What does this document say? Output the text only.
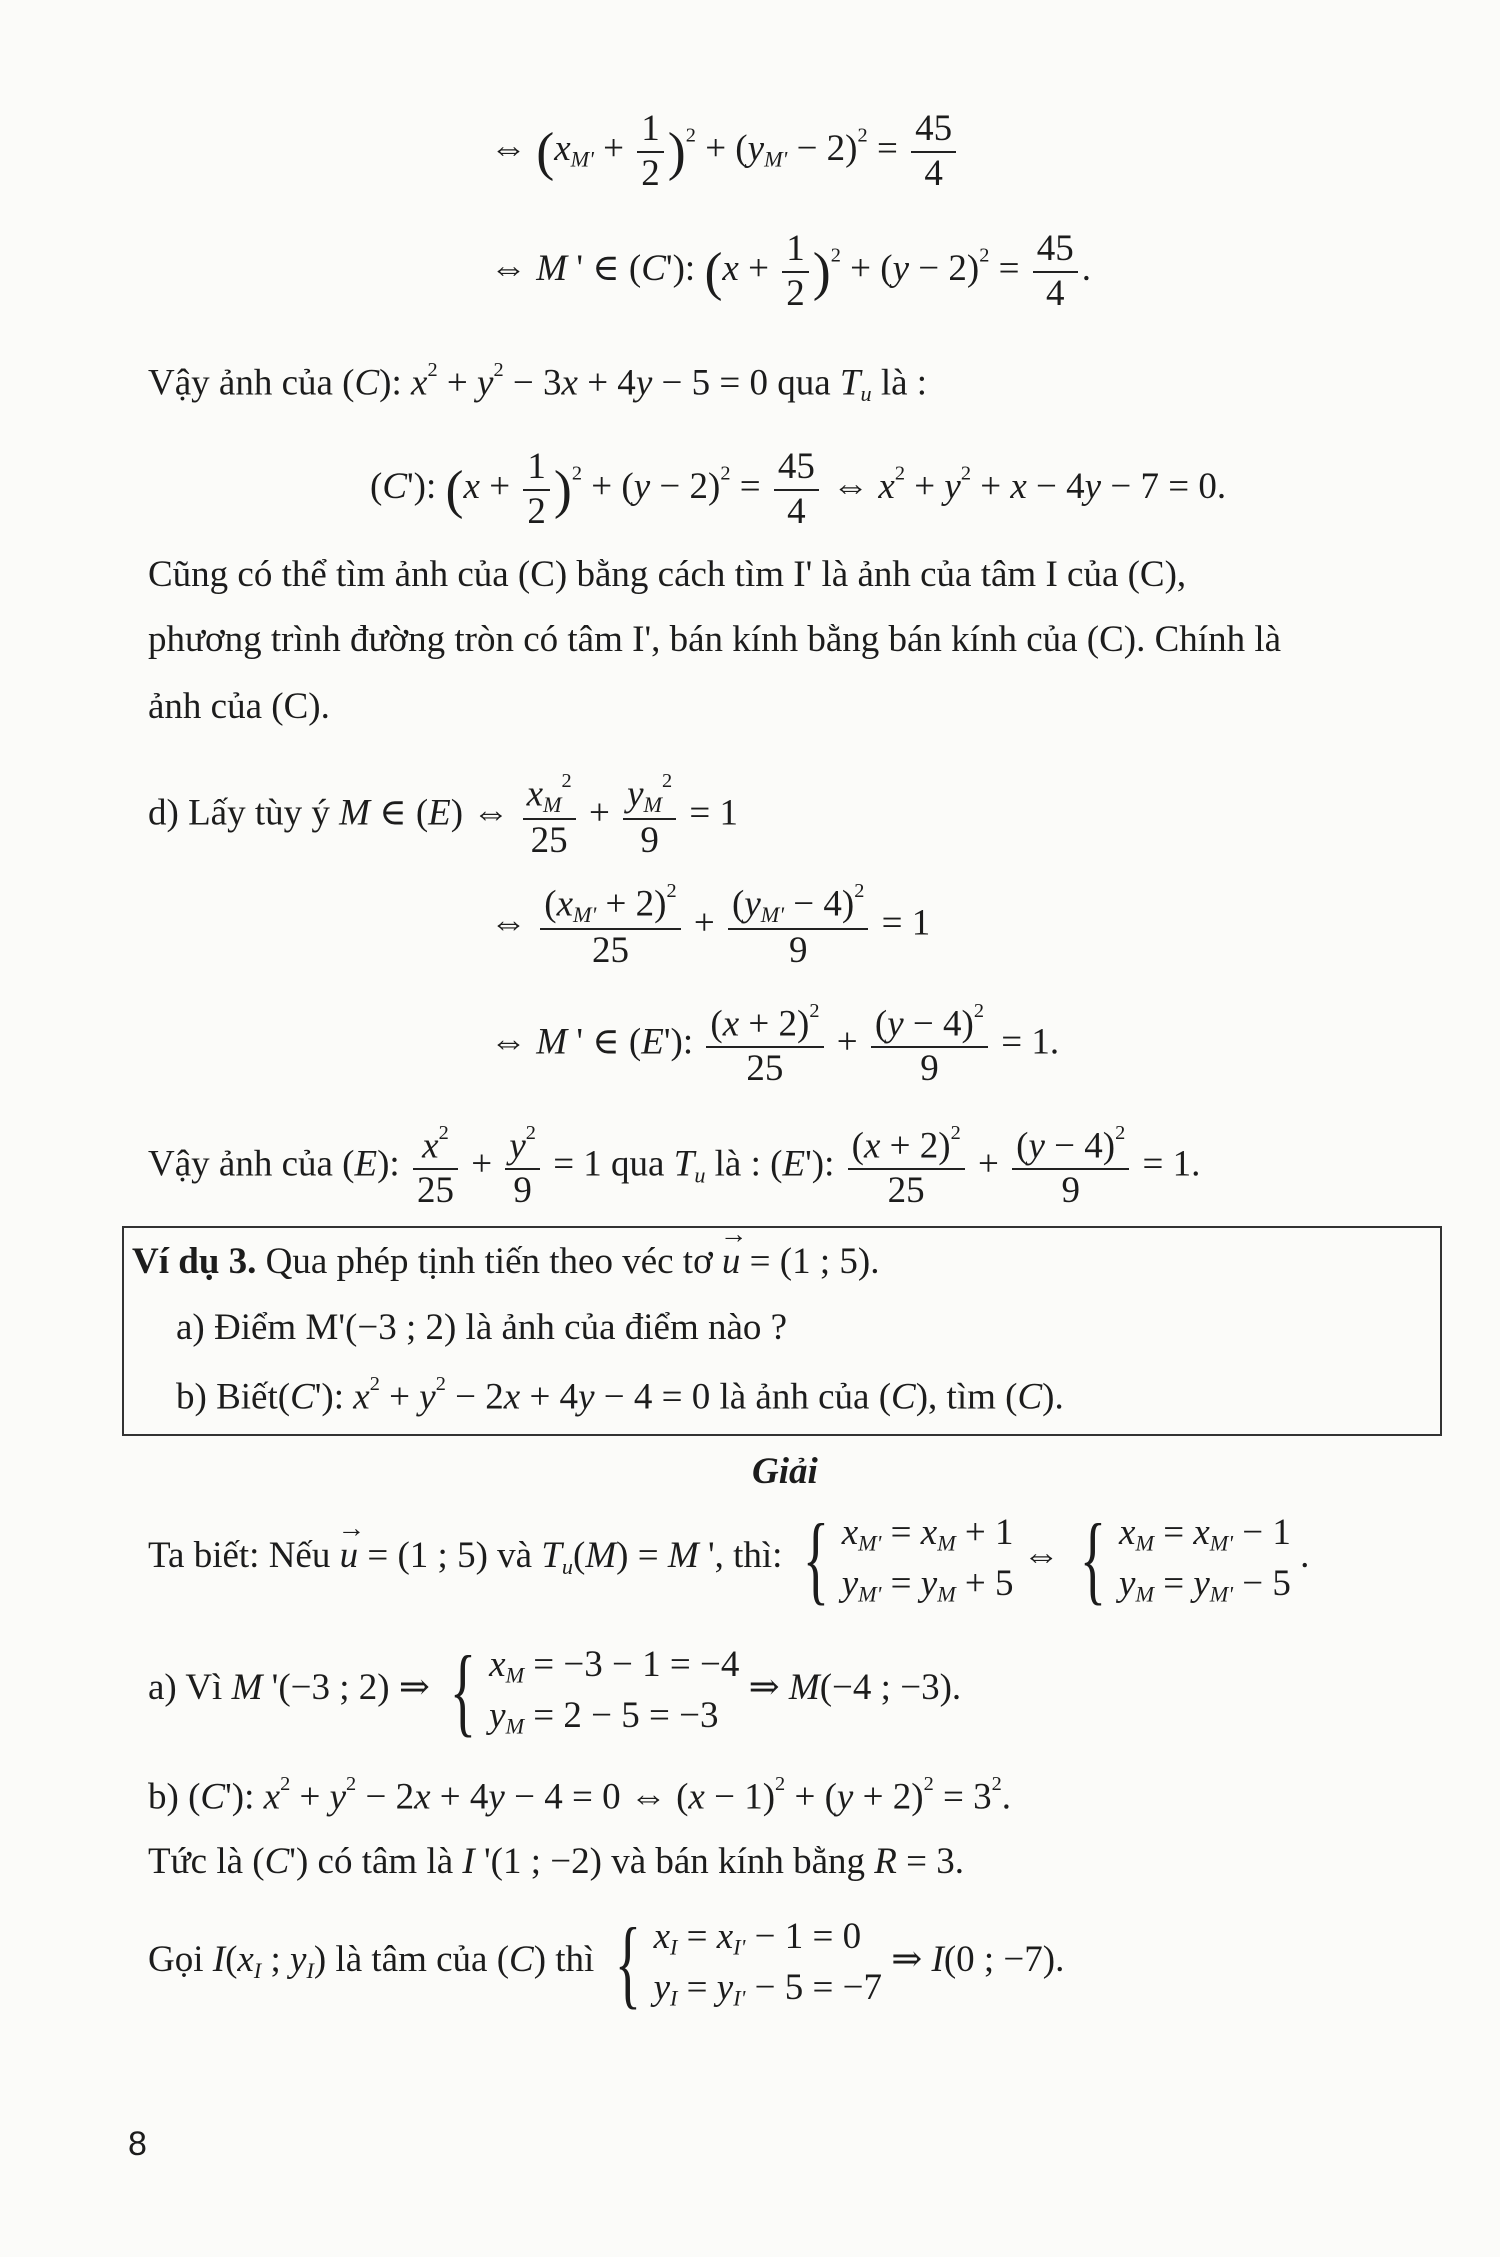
⇔ $(x_{M'} + \frac{1}{2} )^2 + (y_{M'} - 2)^2 = \frac{45}{4}$
⇔ M ' ∈ (C'): $(x + \frac{1}{2} )^2 + (y - 2)^2 = \frac{45}{4}$ .
Vậy ảnh của (C): $x^2 + y^2 - 3x + 4y - 5 = 0$ qua $T_u$ là :
(C'): $(x + \frac{1}{2} )^2 + (y - 2)^2 = \frac{45}{4}$ ⇔ $x^2 + y^2 + x - 4y - 7 = 0$.
Cũng có thể tìm ảnh của (C) bằng cách tìm I' là ảnh của tâm I của (C),
phương trình đường tròn có tâm I', bán kính bằng bán kính của (C). Chính là
ảnh của (C).
d) Lấy tùy ý M ∈ (E) ⇔ $\frac{x_M^2}{25} + \frac{y_M^2}{9} = 1$
⇔ $\frac{(x_{M'} + 2)^2}{25} + \frac{(y_{M'} - 4)^2}{9} = 1$
⇔ M ' ∈ (E'): $\frac{(x + 2)^2}{25} + \frac{(y - 4)^2}{9} = 1$.
Vậy ảnh của (E): $\frac{x^2}{25} + \frac{y^2}{9} = 1$ qua $T_u$ là : (E'): $\frac{(x + 2)^2}{25} + \frac{(y - 4)^2}{9} = 1$.
Ví dụ 3. Qua phép tịnh tiến theo véc tơ → u = (1 ; 5).
a) Điểm M'(−3 ; 2) là ảnh của điểm nào ?
b) Biết(C'): $x^2 + y^2 - 2x + 4y - 4 = 0$ là ảnh của (C), tìm (C).
Giải
Ta biết: Nếu → u = (1 ; 5) và $T_u(M) = M$ ', thì: { $x_{M'} = x_M + 1$
$y_{M'} = y_M + 5$
⇔ { $x_M = x_{M'} - 1$
$y_M = y_{M'} - 5$
.
a) Vì M '(−3 ; 2) ⇒ { $x_M = -3 - 1 = -4$
$y_M = 2 - 5 = -3$
⇒ M(−4 ; −3).
b) (C'): $x^2 + y^2 - 2x + 4y - 4 = 0$ ⇔ $(x - 1)^2 + (y + 2)^2 = 3^2$.
Tức là (C') có tâm là I '(1 ; −2) và bán kính bằng R = 3.
Gọi $I(x_I$ ; $y_I$) là tâm của (C) thì { $x_I = x_{I'} - 1 = 0$
$y_I = y_{I'} - 5 = -7$
⇒ I(0 ; −7).
8
